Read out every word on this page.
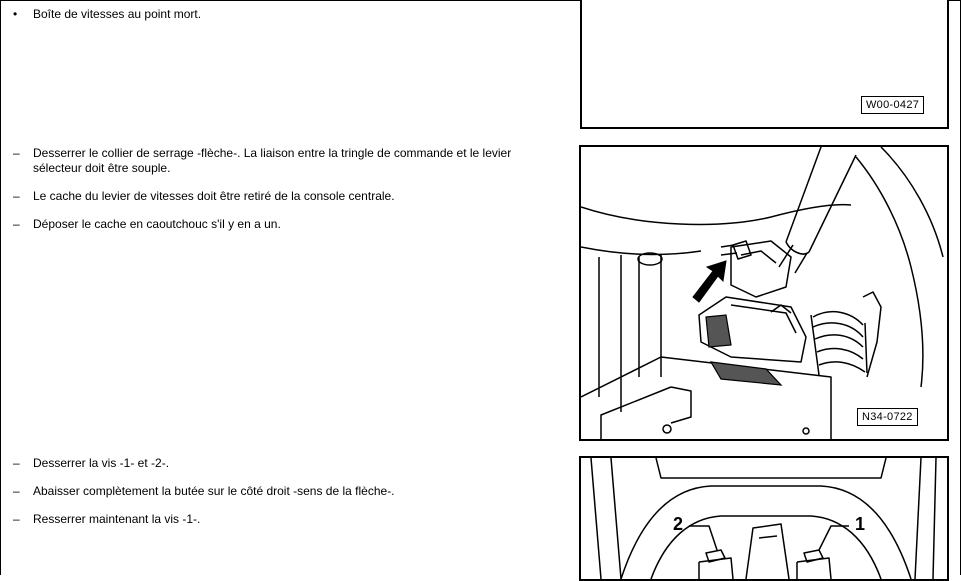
•	Boîte de vitesses au point mort.
–	Desserrer le collier de serrage -flèche-. La liaison entre la tringle de commande et le levier sélecteur doit être souple.
–	Le cache du levier de vitesses doit être retiré de la console centrale.
–	Déposer le cache en caoutchouc s'il y en a un.
–	Desserrer la vis -1- et -2-.
–	Abaisser complètement la butée sur le côté droit -sens de la flèche-.
–	Resserrer maintenant la vis -1-.
W00-0427
N34-0722
2	1
